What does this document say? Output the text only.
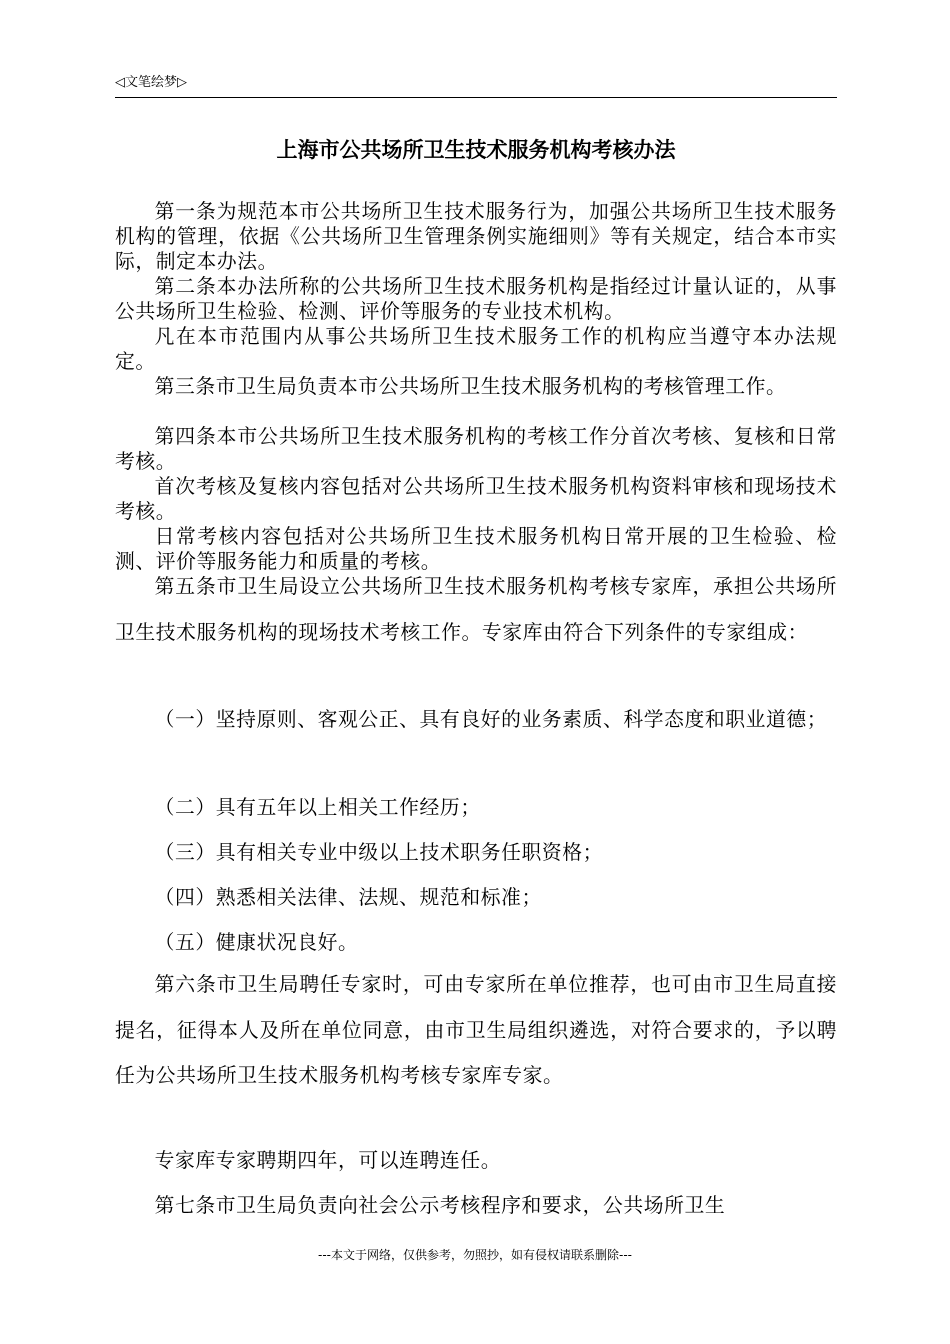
◁文笔绘梦▷
上海市公共场所卫生技术服务机构考核办法

第一条为规范本市公共场所卫生技术服务行为，加强公共场所卫生技术服务机构的管理，依据《公共场所卫生管理条例实施细则》等有关规定，结合本市实际，制定本办法。

第二条本办法所称的公共场所卫生技术服务机构是指经过计量认证的，从事公共场所卫生检验、检测、评价等服务的专业技术机构。

凡在本市范围内从事公共场所卫生技术服务工作的机构应当遵守本办法规定。

第三条市卫生局负责本市公共场所卫生技术服务机构的考核管理工作。

第四条本市公共场所卫生技术服务机构的考核工作分首次考核、复核和日常考核。

首次考核及复核内容包括对公共场所卫生技术服务机构资料审核和现场技术考核。

日常考核内容包括对公共场所卫生技术服务机构日常开展的卫生检验、检测、评价等服务能力和质量的考核。

第五条市卫生局设立公共场所卫生技术服务机构考核专家库，承担公共场所卫生技术服务机构的现场技术考核工作。专家库由符合下列条件的专家组成：

（一）坚持原则、客观公正、具有良好的业务素质、科学态度和职业道德；

（二）具有五年以上相关工作经历；

（三）具有相关专业中级以上技术职务任职资格；

（四）熟悉相关法律、法规、规范和标准；

（五）健康状况良好。

第六条市卫生局聘任专家时，可由专家所在单位推荐，也可由市卫生局直接提名，征得本人及所在单位同意，由市卫生局组织遴选，对符合要求的，予以聘任为公共场所卫生技术服务机构考核专家库专家。

专家库专家聘期四年，可以连聘连任。

第七条市卫生局负责向社会公示考核程序和要求，公共场所卫生

---本文于网络，仅供参考，勿照抄，如有侵权请联系删除---
